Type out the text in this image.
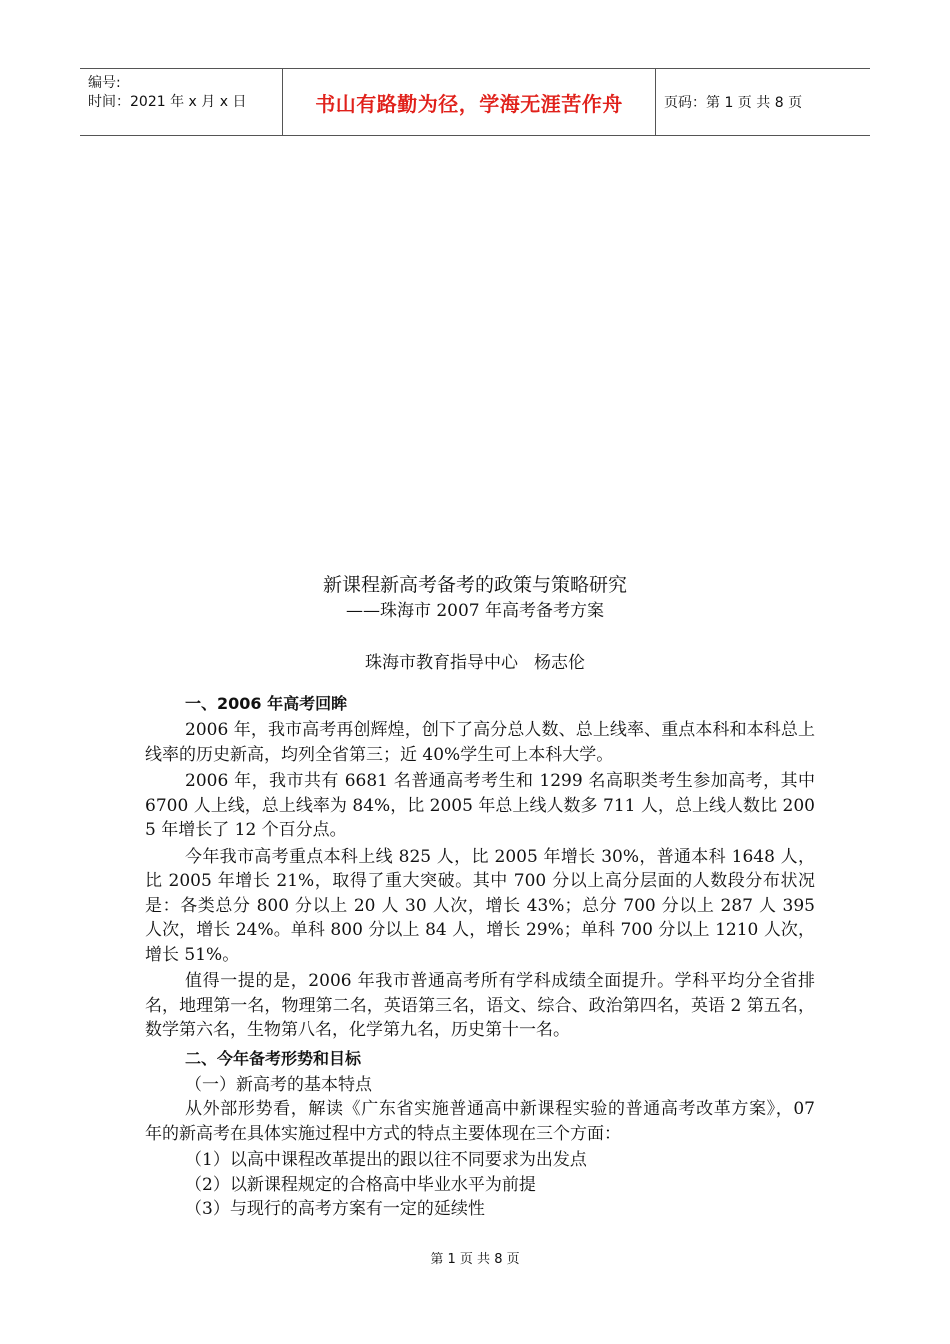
编号:
时间：2021 年 x 月 x 日	书山有路勤为径，学海无涯苦作舟	页码：第 1 页 共 8 页
新课程新高考备考的政策与策略研究
——珠海市 2007 年高考备考方案
珠海市教育指导中心 杨志伦
一、2006 年高考回眸

2006 年，我市高考再创辉煌，创下了高分总人数、总上线率、重点本科和本科总上线率的历史新高，均列全省第三；近 40%学生可上本科大学。

2006 年，我市共有 6681 名普通高考考生和 1299 名高职类考生参加高考，其中 6700 人上线，总上线率为 84%，比 2005 年总上线人数多 711 人，总上线人数比 2005 年增长了 12 个百分点。

今年我市高考重点本科上线 825 人，比 2005 年增长 30%，普通本科 1648 人，比 2005 年增长 21%，取得了重大突破。其中 700 分以上高分层面的人数段分布状况是：各类总分 800 分以上 20 人 30 人次，增长 43%；总分 700 分以上 287 人 395 人次，增长 24%。单科 800 分以上 84 人，增长 29%；单科 700 分以上 1210 人次，增长 51%。

值得一提的是，2006 年我市普通高考所有学科成绩全面提升。学科平均分全省排名，地理第一名，物理第二名，英语第三名，语文、综合、政治第四名，英语 2 第五名，数学第六名，生物第八名，化学第九名，历史第十一名。

二、今年备考形势和目标
（一）新高考的基本特点

从外部形势看，解读《广东省实施普通高中新课程实验的普通高考改革方案》，07 年的新高考在具体实施过程中方式的特点主要体现在三个方面：

（1）以高中课程改革提出的跟以往不同要求为出发点
（2）以新课程规定的合格高中毕业水平为前提
（3）与现行的高考方案有一定的延续性
第 1 页 共 8 页
